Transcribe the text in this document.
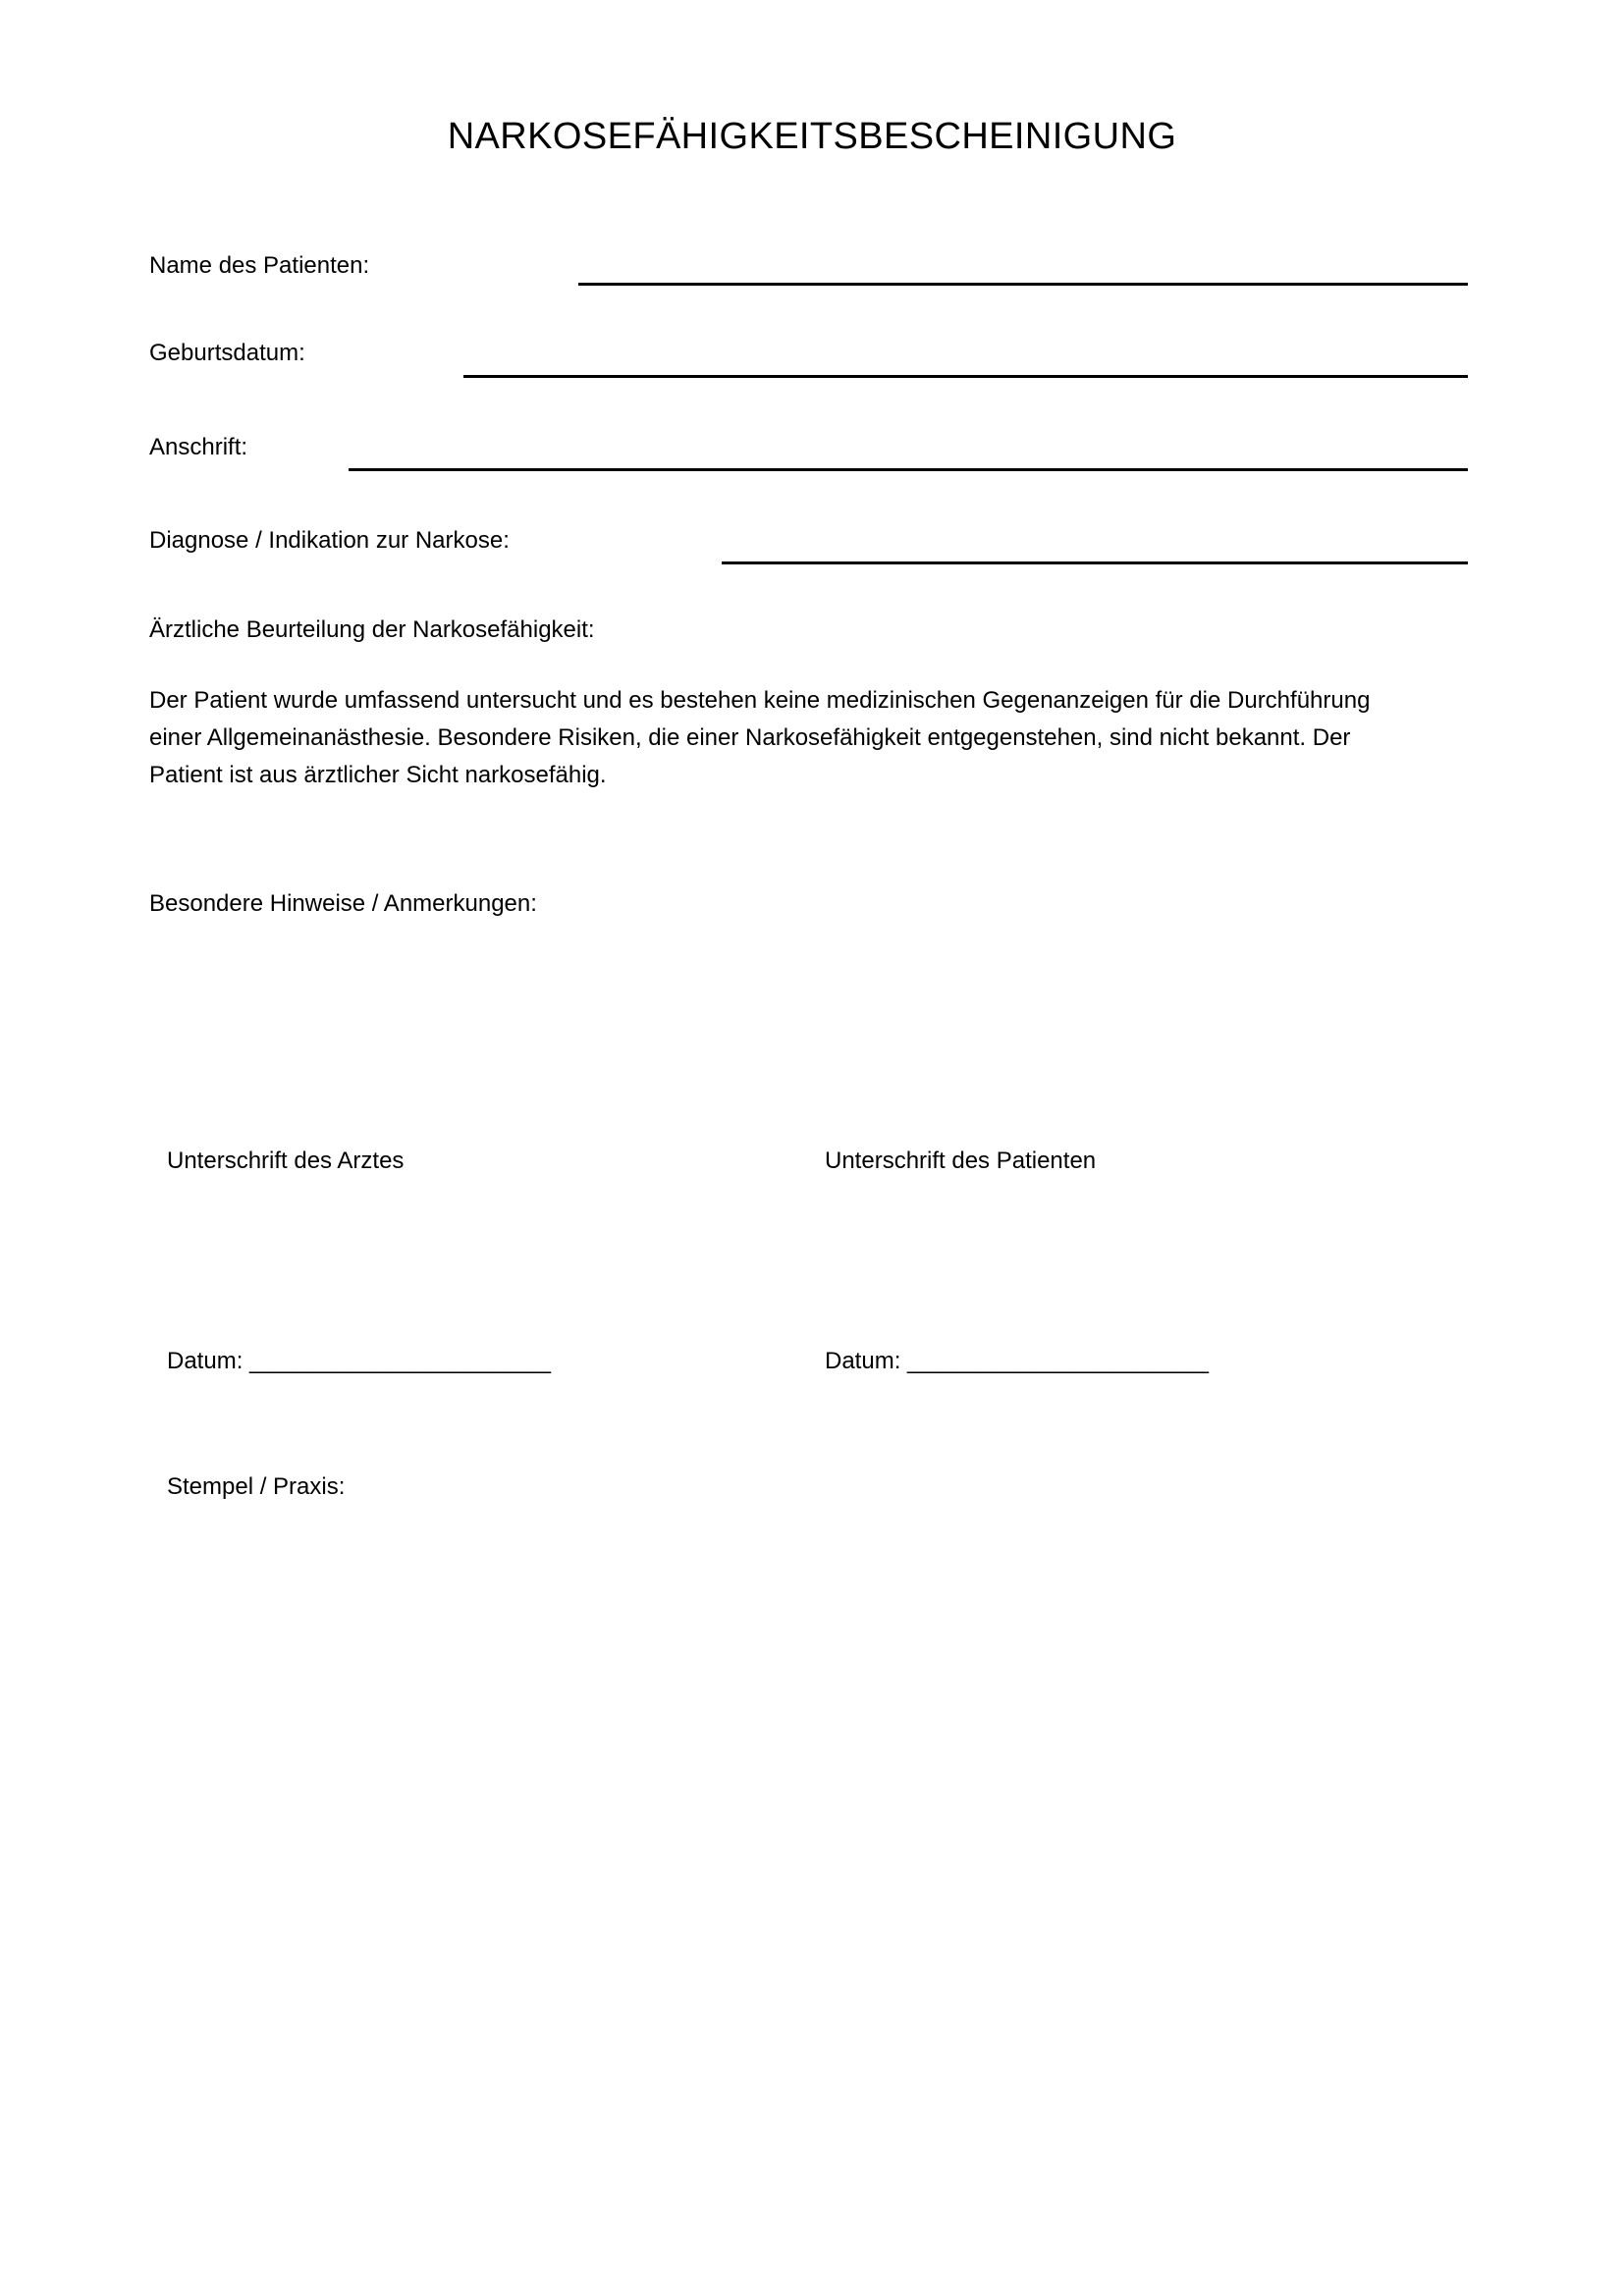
NARKOSEFÄHIGKEITSBESCHEINIGUNG
Name des Patienten:
Geburtsdatum:
Anschrift:
Diagnose / Indikation zur Narkose:
Ärztliche Beurteilung der Narkosefähigkeit:
Der Patient wurde umfassend untersucht und es bestehen keine medizinischen Gegenanzeigen für die Durchführung einer Allgemeinanästhesie. Besondere Risiken, die einer Narkosefähigkeit entgegenstehen, sind nicht bekannt. Der Patient ist aus ärztlicher Sicht narkosefähig.
Besondere Hinweise / Anmerkungen:
Unterschrift des Arztes	Unterschrift des Patienten
Datum: _______________________	Datum: _______________________
Stempel / Praxis:
